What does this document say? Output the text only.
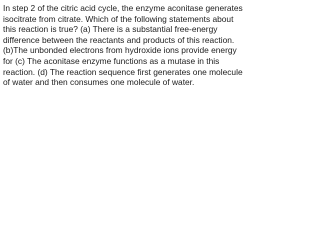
In step 2 of the citric acid cycle, the enzyme aconitase generates
isocitrate from citrate. Which of the following statements about
this reaction is true? (a) There is a substantial free-energy
difference between the reactants and products of this reaction.
(b)The unbonded electrons from hydroxide ions provide energy
for (c) The aconitase enzyme functions as a mutase in this
reaction. (d) The reaction sequence first generates one molecule
of water and then consumes one molecule of water.
